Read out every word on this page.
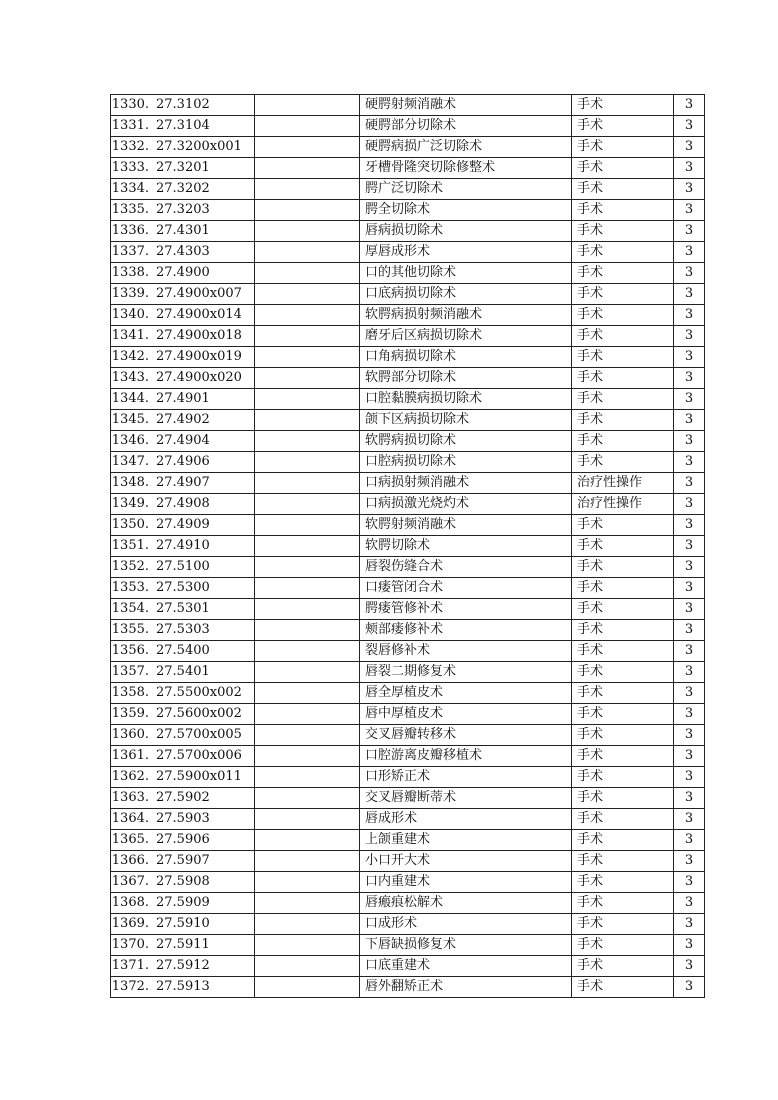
1330.	27.3102		硬腭射频消融术	手术	3
1331.	27.3104		硬腭部分切除术	手术	3
1332.	27.3200x001		硬腭病损广泛切除术	手术	3
1333.	27.3201		牙槽骨隆突切除修整术	手术	3
1334.	27.3202		腭广泛切除术	手术	3
1335.	27.3203		腭全切除术	手术	3
1336.	27.4301		唇病损切除术	手术	3
1337.	27.4303		厚唇成形术	手术	3
1338.	27.4900		口的其他切除术	手术	3
1339.	27.4900x007		口底病损切除术	手术	3
1340.	27.4900x014		软腭病损射频消融术	手术	3
1341.	27.4900x018		磨牙后区病损切除术	手术	3
1342.	27.4900x019		口角病损切除术	手术	3
1343.	27.4900x020		软腭部分切除术	手术	3
1344.	27.4901		口腔黏膜病损切除术	手术	3
1345.	27.4902		颌下区病损切除术	手术	3
1346.	27.4904		软腭病损切除术	手术	3
1347.	27.4906		口腔病损切除术	手术	3
1348.	27.4907		口病损射频消融术	治疗性操作	3
1349.	27.4908		口病损激光烧灼术	治疗性操作	3
1350.	27.4909		软腭射频消融术	手术	3
1351.	27.4910		软腭切除术	手术	3
1352.	27.5100		唇裂伤缝合术	手术	3
1353.	27.5300		口瘘管闭合术	手术	3
1354.	27.5301		腭瘘管修补术	手术	3
1355.	27.5303		颊部瘘修补术	手术	3
1356.	27.5400		裂唇修补术	手术	3
1357.	27.5401		唇裂二期修复术	手术	3
1358.	27.5500x002		唇全厚植皮术	手术	3
1359.	27.5600x002		唇中厚植皮术	手术	3
1360.	27.5700x005		交叉唇瓣转移术	手术	3
1361.	27.5700x006		口腔游离皮瓣移植术	手术	3
1362.	27.5900x011		口形矫正术	手术	3
1363.	27.5902		交叉唇瓣断蒂术	手术	3
1364.	27.5903		唇成形术	手术	3
1365.	27.5906		上颌重建术	手术	3
1366.	27.5907		小口开大术	手术	3
1367.	27.5908		口内重建术	手术	3
1368.	27.5909		唇瘢痕松解术	手术	3
1369.	27.5910		口成形术	手术	3
1370.	27.5911		下唇缺损修复术	手术	3
1371.	27.5912		口底重建术	手术	3
1372.	27.5913		唇外翻矫正术	手术	3
